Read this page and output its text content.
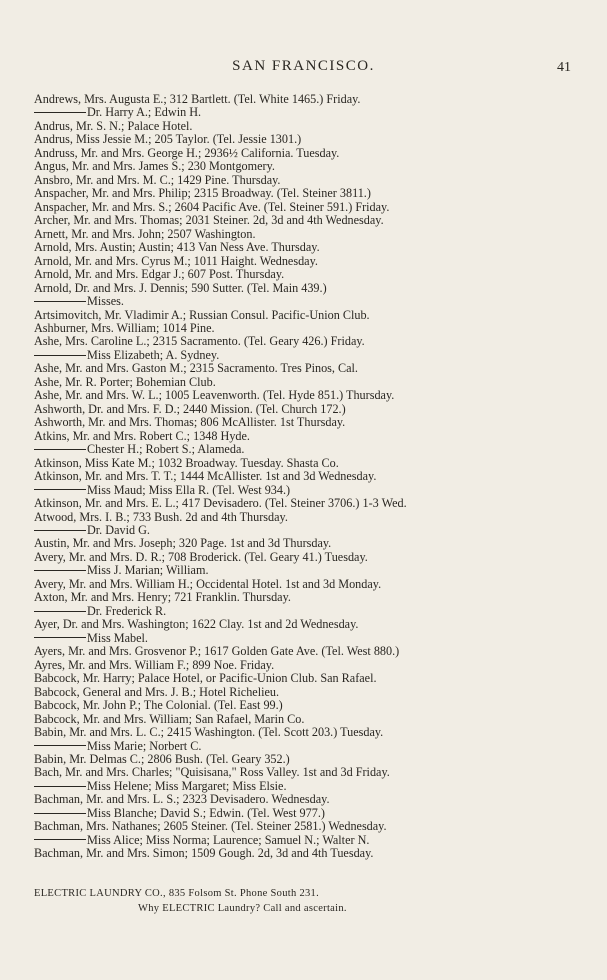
SAN FRANCISCO.	41
Andrews, Mrs. Augusta E.; 312 Bartlett. (Tel. White 1465.) Friday.
Dr. Harry A.; Edwin H.
Andrus, Mr. S. N.; Palace Hotel.
Andrus, Miss Jessie M.; 205 Taylor. (Tel. Jessie 1301.)
Andruss, Mr. and Mrs. George H.; 2936½ California. Tuesday.
Angus, Mr. and Mrs. James S.; 230 Montgomery.
Ansbro, Mr. and Mrs. M. C.; 1429 Pine. Thursday.
Anspacher, Mr. and Mrs. Philip; 2315 Broadway. (Tel. Steiner 3811.)
Anspacher, Mr. and Mrs. S.; 2604 Pacific Ave. (Tel. Steiner 591.) Friday.
Archer, Mr. and Mrs. Thomas; 2031 Steiner. 2d, 3d and 4th Wednesday.
Arnett, Mr. and Mrs. John; 2507 Washington.
Arnold, Mrs. Austin; Austin; 413 Van Ness Ave. Thursday.
Arnold, Mr. and Mrs. Cyrus M.; 1011 Haight. Wednesday.
Arnold, Mr. and Mrs. Edgar J.; 607 Post. Thursday.
Arnold, Dr. and Mrs. J. Dennis; 590 Sutter. (Tel. Main 439.)
Misses.
Artsimovitch, Mr. Vladimir A.; Russian Consul. Pacific-Union Club.
Ashburner, Mrs. William; 1014 Pine.
Ashe, Mrs. Caroline L.; 2315 Sacramento. (Tel. Geary 426.) Friday.
Miss Elizabeth; A. Sydney.
Ashe, Mr. and Mrs. Gaston M.; 2315 Sacramento. Tres Pinos, Cal.
Ashe, Mr. R. Porter; Bohemian Club.
Ashe, Mr. and Mrs. W. L.; 1005 Leavenworth. (Tel. Hyde 851.) Thursday.
Ashworth, Dr. and Mrs. F. D.; 2440 Mission. (Tel. Church 172.)
Ashworth, Mr. and Mrs. Thomas; 806 McAllister. 1st Thursday.
Atkins, Mr. and Mrs. Robert C.; 1348 Hyde.
Chester H.; Robert S.; Alameda.
Atkinson, Miss Kate M.; 1032 Broadway. Tuesday. Shasta Co.
Atkinson, Mr. and Mrs. T. T.; 1444 McAllister. 1st and 3d Wednesday.
Miss Maud; Miss Ella R. (Tel. West 934.)
Atkinson, Mr. and Mrs. E. L.; 417 Devisadero. (Tel. Steiner 3706.) 1-3 Wed.
Atwood, Mrs. I. B.; 733 Bush. 2d and 4th Thursday.
Dr. David G.
Austin, Mr. and Mrs. Joseph; 320 Page. 1st and 3d Thursday.
Avery, Mr. and Mrs. D. R.; 708 Broderick. (Tel. Geary 41.) Tuesday.
Miss J. Marian; William.
Avery, Mr. and Mrs. William H.; Occidental Hotel. 1st and 3d Monday.
Axton, Mr. and Mrs. Henry; 721 Franklin. Thursday.
Dr. Frederick R.
Ayer, Dr. and Mrs. Washington; 1622 Clay. 1st and 2d Wednesday.
Miss Mabel.
Ayers, Mr. and Mrs. Grosvenor P.; 1617 Golden Gate Ave. (Tel. West 880.)
Ayres, Mr. and Mrs. William F.; 899 Noe. Friday.
Babcock, Mr. Harry; Palace Hotel, or Pacific-Union Club. San Rafael.
Babcock, General and Mrs. J. B.; Hotel Richelieu.
Babcock, Mr. John P.; The Colonial. (Tel. East 99.)
Babcock, Mr. and Mrs. William; San Rafael, Marin Co.
Babin, Mr. and Mrs. L. C.; 2415 Washington. (Tel. Scott 203.) Tuesday.
Miss Marie; Norbert C.
Babin, Mr. Delmas C.; 2806 Bush. (Tel. Geary 352.)
Bach, Mr. and Mrs. Charles; "Quisisana," Ross Valley. 1st and 3d Friday.
Miss Helene; Miss Margaret; Miss Elsie.
Bachman, Mr. and Mrs. L. S.; 2323 Devisadero. Wednesday.
Miss Blanche; David S.; Edwin. (Tel. West 977.)
Bachman, Mrs. Nathanes; 2605 Steiner. (Tel. Steiner 2581.) Wednesday.
Miss Alice; Miss Norma; Laurence; Samuel N.; Walter N.
Bachman, Mr. and Mrs. Simon; 1509 Gough. 2d, 3d and 4th Tuesday.
ELECTRIC LAUNDRY CO., 835 Folsom St. Phone South 231.
Why ELECTRIC Laundry? Call and ascertain.
